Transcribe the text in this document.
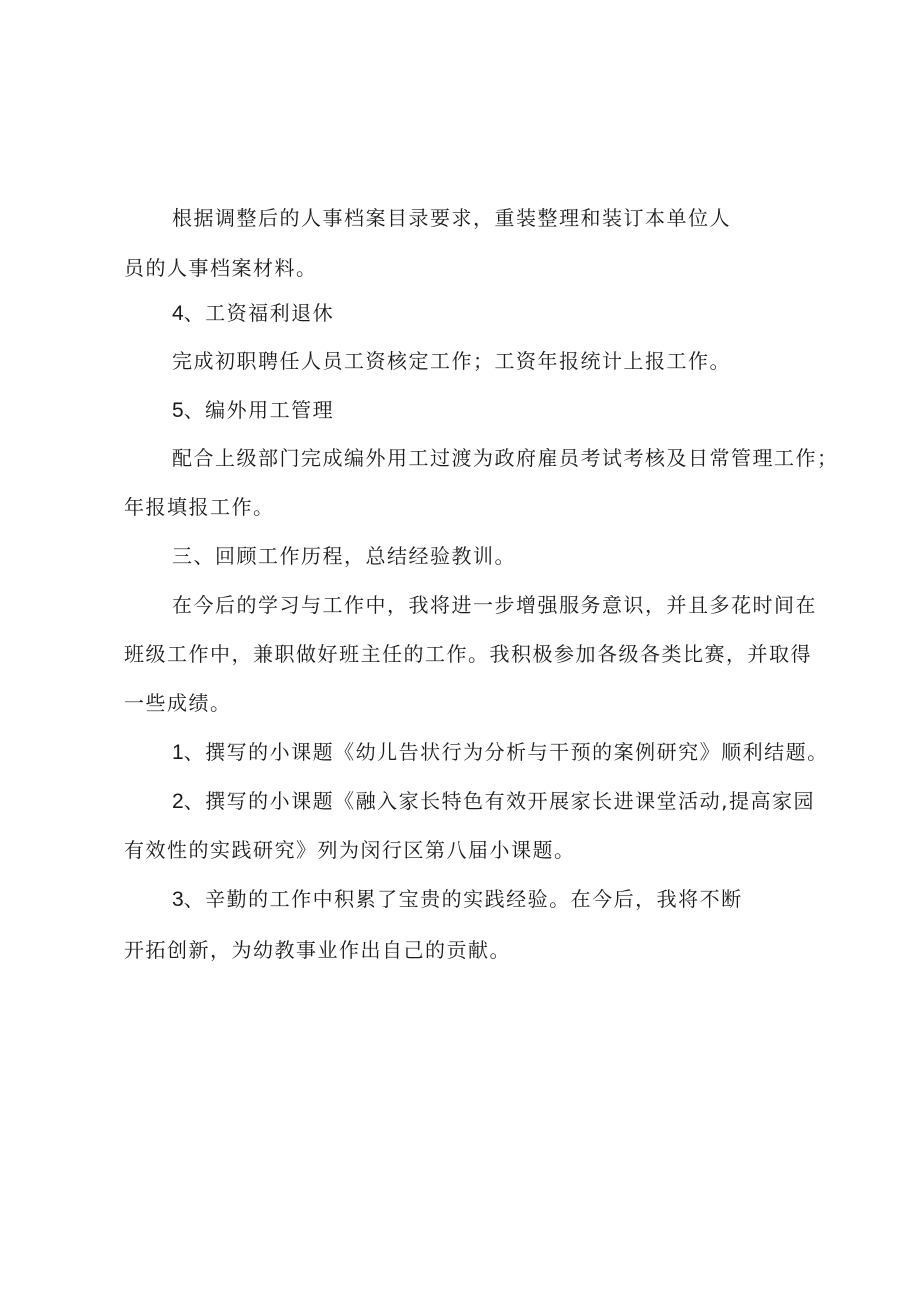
根据调整后的人事档案目录要求，重装整理和装订本单位人

员的人事档案材料。

4、工资福利退休

完成初职聘任人员工资核定工作；工资年报统计上报工作。

5、编外用工管理

配合上级部门完成编外用工过渡为政府雇员考试考核及日常管理工作；

年报填报工作。

三、回顾工作历程，总结经验教训。

在今后的学习与工作中，我将进一步增强服务意识，并且多花时间在

班级工作中，兼职做好班主任的工作。我积极参加各级各类比赛，并取得

一些成绩。

1、撰写的小课题《幼儿告状行为分析与干预的案例研究》顺利结题。

2、撰写的小课题《融入家长特色有效开展家长进课堂活动,提高家园

有效性的实践研究》列为闵行区第八届小课题。

3、辛勤的工作中积累了宝贵的实践经验。在今后，我将不断

开拓创新，为幼教事业作出自己的贡献。
